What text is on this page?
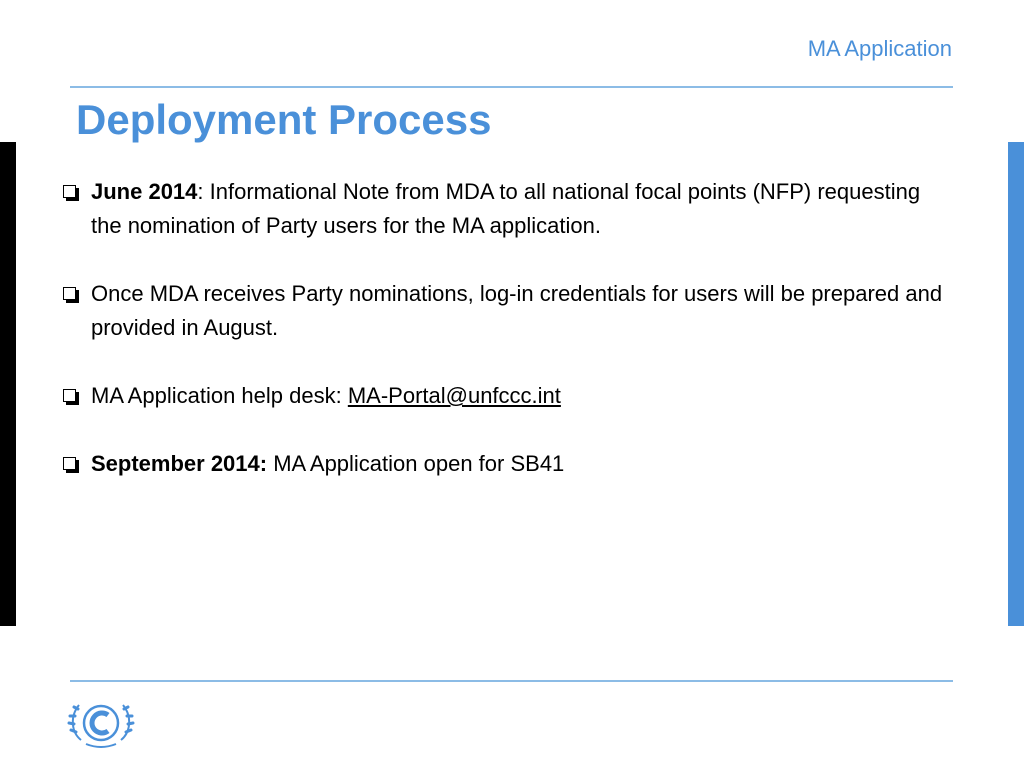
MA Application
Deployment Process
June 2014: Informational Note from MDA to all national focal points (NFP) requesting the nomination of Party users for the MA application.
Once MDA receives Party nominations, log-in credentials for users will be prepared and provided in August.
MA Application help desk: MA-Portal@unfccc.int
September 2014: MA Application open for SB41
